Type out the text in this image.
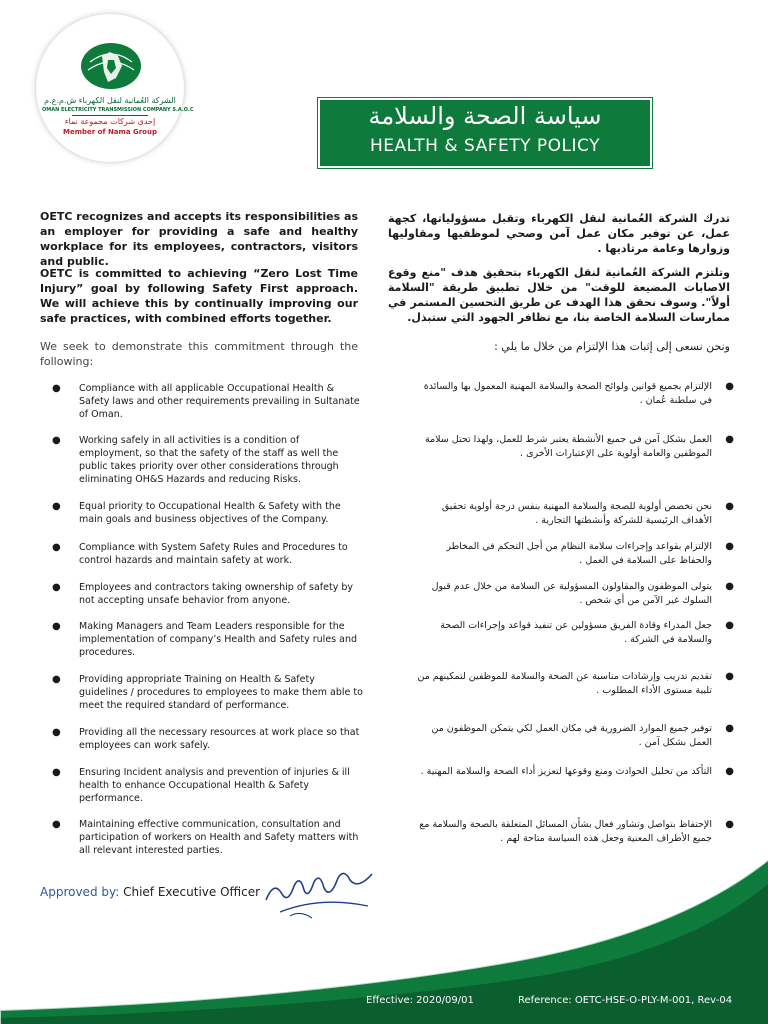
الشركة العُمانية لنقل الكهرباء ش.م.ع.م
OMAN ELECTRICITY TRANSMISSION COMPANY S.A.O.C
إحدى شركات مجموعة نماء
Member of Nama Group
سياسة الصحة والسلامة
HEALTH & SAFETY POLICY
OETC recognizes and accepts its responsibilities as an employer for providing a safe and healthy workplace for its employees, contractors, visitors and public.
OETC is committed to achieving “Zero Lost Time Injury” goal by following Safety First approach. We will achieve this by continually improving our safe practices, with combined efforts together.
We seek to demonstrate this commitment through the following:
تدرك الشركة العُمانية لنقل الكهرباء وتقبل مسؤولياتها، كجهة عمل، عن توفير مكان عمل آمن وصحي لموظفيها ومقاوليها وزوارها وعامة مرتاديها .
وتلتزم الشركة العُمانية لنقل الكهرباء بتحقيق هدف "منع وقوع الاصابات المضيعة للوقت" من خلال تطبيق طريقة "السلامة أولاً". وسوف نحقق هذا الهدف عن طريق التحسين المستمر في ممارسات السلامة الخاصة بنا، مع تظافر الجهود التي ستبذل.
ونحن نسعى إلى إثبات هذا الإلتزام من خلال ما يلي :
● Compliance with all applicable Occupational Health & Safety laws and other requirements prevailing in Sultanate of Oman.
● Working safely in all activities is a condition of employment, so that the safety of the staff as well the public takes priority over other considerations through eliminating OH&S Hazards and reducing Risks.
● Equal priority to Occupational Health & Safety with the main goals and business objectives of the Company.
● Compliance with System Safety Rules and Procedures to control hazards and maintain safety at work.
● Employees and contractors taking ownership of safety by not accepting unsafe behavior from anyone.
● Making Managers and Team Leaders responsible for the implementation of company’s Health and Safety rules and procedures.
● Providing appropriate Training on Health & Safety guidelines / procedures to employees to make them able to meet the required standard of performance.
● Providing all the necessary resources at work place so that employees can work safely.
● Ensuring Incident analysis and prevention of injuries & ill health to enhance Occupational Health & Safety performance.
● Maintaining effective communication, consultation and participation of workers on Health and Safety matters with all relevant interested parties.
●
الإلتزام بجميع قوانين ولوائح الصحة والسلامة المهنية المعمول بها والسائدة في سلطنة عُمان .
●
العمل بشكل آمن في جميع الأنشطة يعتبر شرط للعمل، ولهذا تحتل سلامة الموظفين والعامة أولوية على الإعتبارات الأخرى .
●
نحن نخصص أولوية للصحة والسلامة المهنية بنفس درجة أولوية تحقيق الأهداف الرئيسية للشركة وأنشطتها التجارية .
●
الإلتزام بقواعد وإجراءات سلامة النظام من أجل التحكم في المخاطر والحفاظ على السلامة في العمل .
●
يتولى الموظفون والمقاولون المسؤولية عن السلامة من خلال عدم قبول السلوك غير الآمن من أي شخص .
●
جعل المدراء وقادة الفريق مسؤولين عن تنفيذ قواعد وإجراءات الصحة والسلامة في الشركة .
●
تقديم تدريب وإرشادات مناسبة عن الصحة والسلامة للموظفين لتمكينهم من تلبية مستوى الأداء المطلوب .
●
توفير جميع الموارد الضرورية في مكان العمل لكي يتمكن الموظفون من العمل بشكل آمن .
●
التأكد من تحليل الحوادث ومنع وقوعها لتعزيز أداء الصحة والسلامة المهنية .
●
الإحتفاظ بتواصل وتشاور فعال بشأن المسائل المتعلقة بالصحة والسلامة مع جميع الأطراف المعنية وجعل هذه السياسة متاحة لهم .
Approved by: Chief Executive Officer
Effective: 2020/09/01	Reference: OETC-HSE-O-PLY-M-001, Rev-04
